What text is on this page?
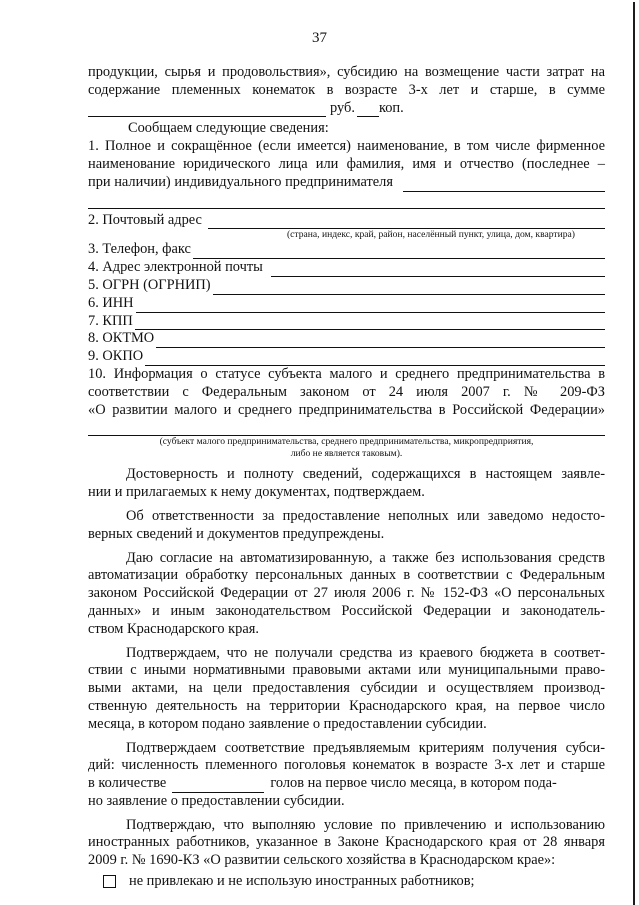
37
продукции, сырья и продовольствия», субсидию на возмещение части затрат на
содержание племенных конематок в возрасте 3-х лет и старше, в сумме
руб. коп.
Сообщаем следующие сведения:
1. Полное и сокращённое (если имеется) наименование, в том числе фирменное
наименование юридического лица или фамилия, имя и отчество (последнее –
при наличии) индивидуального предпринимателя
2. Почтовый адрес
(страна, индекс, край, район, населённый пункт, улица, дом, квартира)
3. Телефон, факс
4. Адрес электронной почты
5. ОГРН (ОГРНИП)
6. ИНН
7. КПП
8. ОКТМО
9. ОКПО
10. Информация о статусе субъекта малого и среднего предпринимательства в
соответствии с Федеральным законом от 24 июля 2007 г. № 209-ФЗ
«О развитии малого и среднего предпринимательства в Российской Федерации»
(субъект малого предпринимательства, среднего предпринимательства, микропредприятия,
либо не является таковым).
Достоверность и полноту сведений, содержащихся в настоящем заявле-
нии и прилагаемых к нему документах, подтверждаем.
Об ответственности за предоставление неполных или заведомо недосто-
верных сведений и документов предупреждены.
Даю согласие на автоматизированную, а также без использования средств
автоматизации обработку персональных данных в соответствии с Федеральным
законом Российской Федерации от 27 июля 2006 г. № 152-ФЗ «О персональных
данных» и иным законодательством Российской Федерации и законодатель-
ством Краснодарского края.
Подтверждаем, что не получали средства из краевого бюджета в соответ-
ствии с иными нормативными правовыми актами или муниципальными право-
выми актами, на цели предоставления субсидии и осуществляем производ-
ственную деятельность на территории Краснодарского края, на первое число
месяца, в котором подано заявление о предоставлении субсидии.
Подтверждаем соответствие предъявляемым критериям получения субси-
дий: численность племенного поголовья конематок в возрасте 3-х лет и старше
в количестве	голов на первое число месяца, в котором пода-
но заявление о предоставлении субсидии.
Подтверждаю, что выполняю условие по привлечению и использованию
иностранных работников, указанное в Законе Краснодарского края от 28 января
2009 г. № 1690-КЗ «О развитии сельского хозяйства в Краснодарском крае»:
не привлекаю и не использую иностранных работников;
